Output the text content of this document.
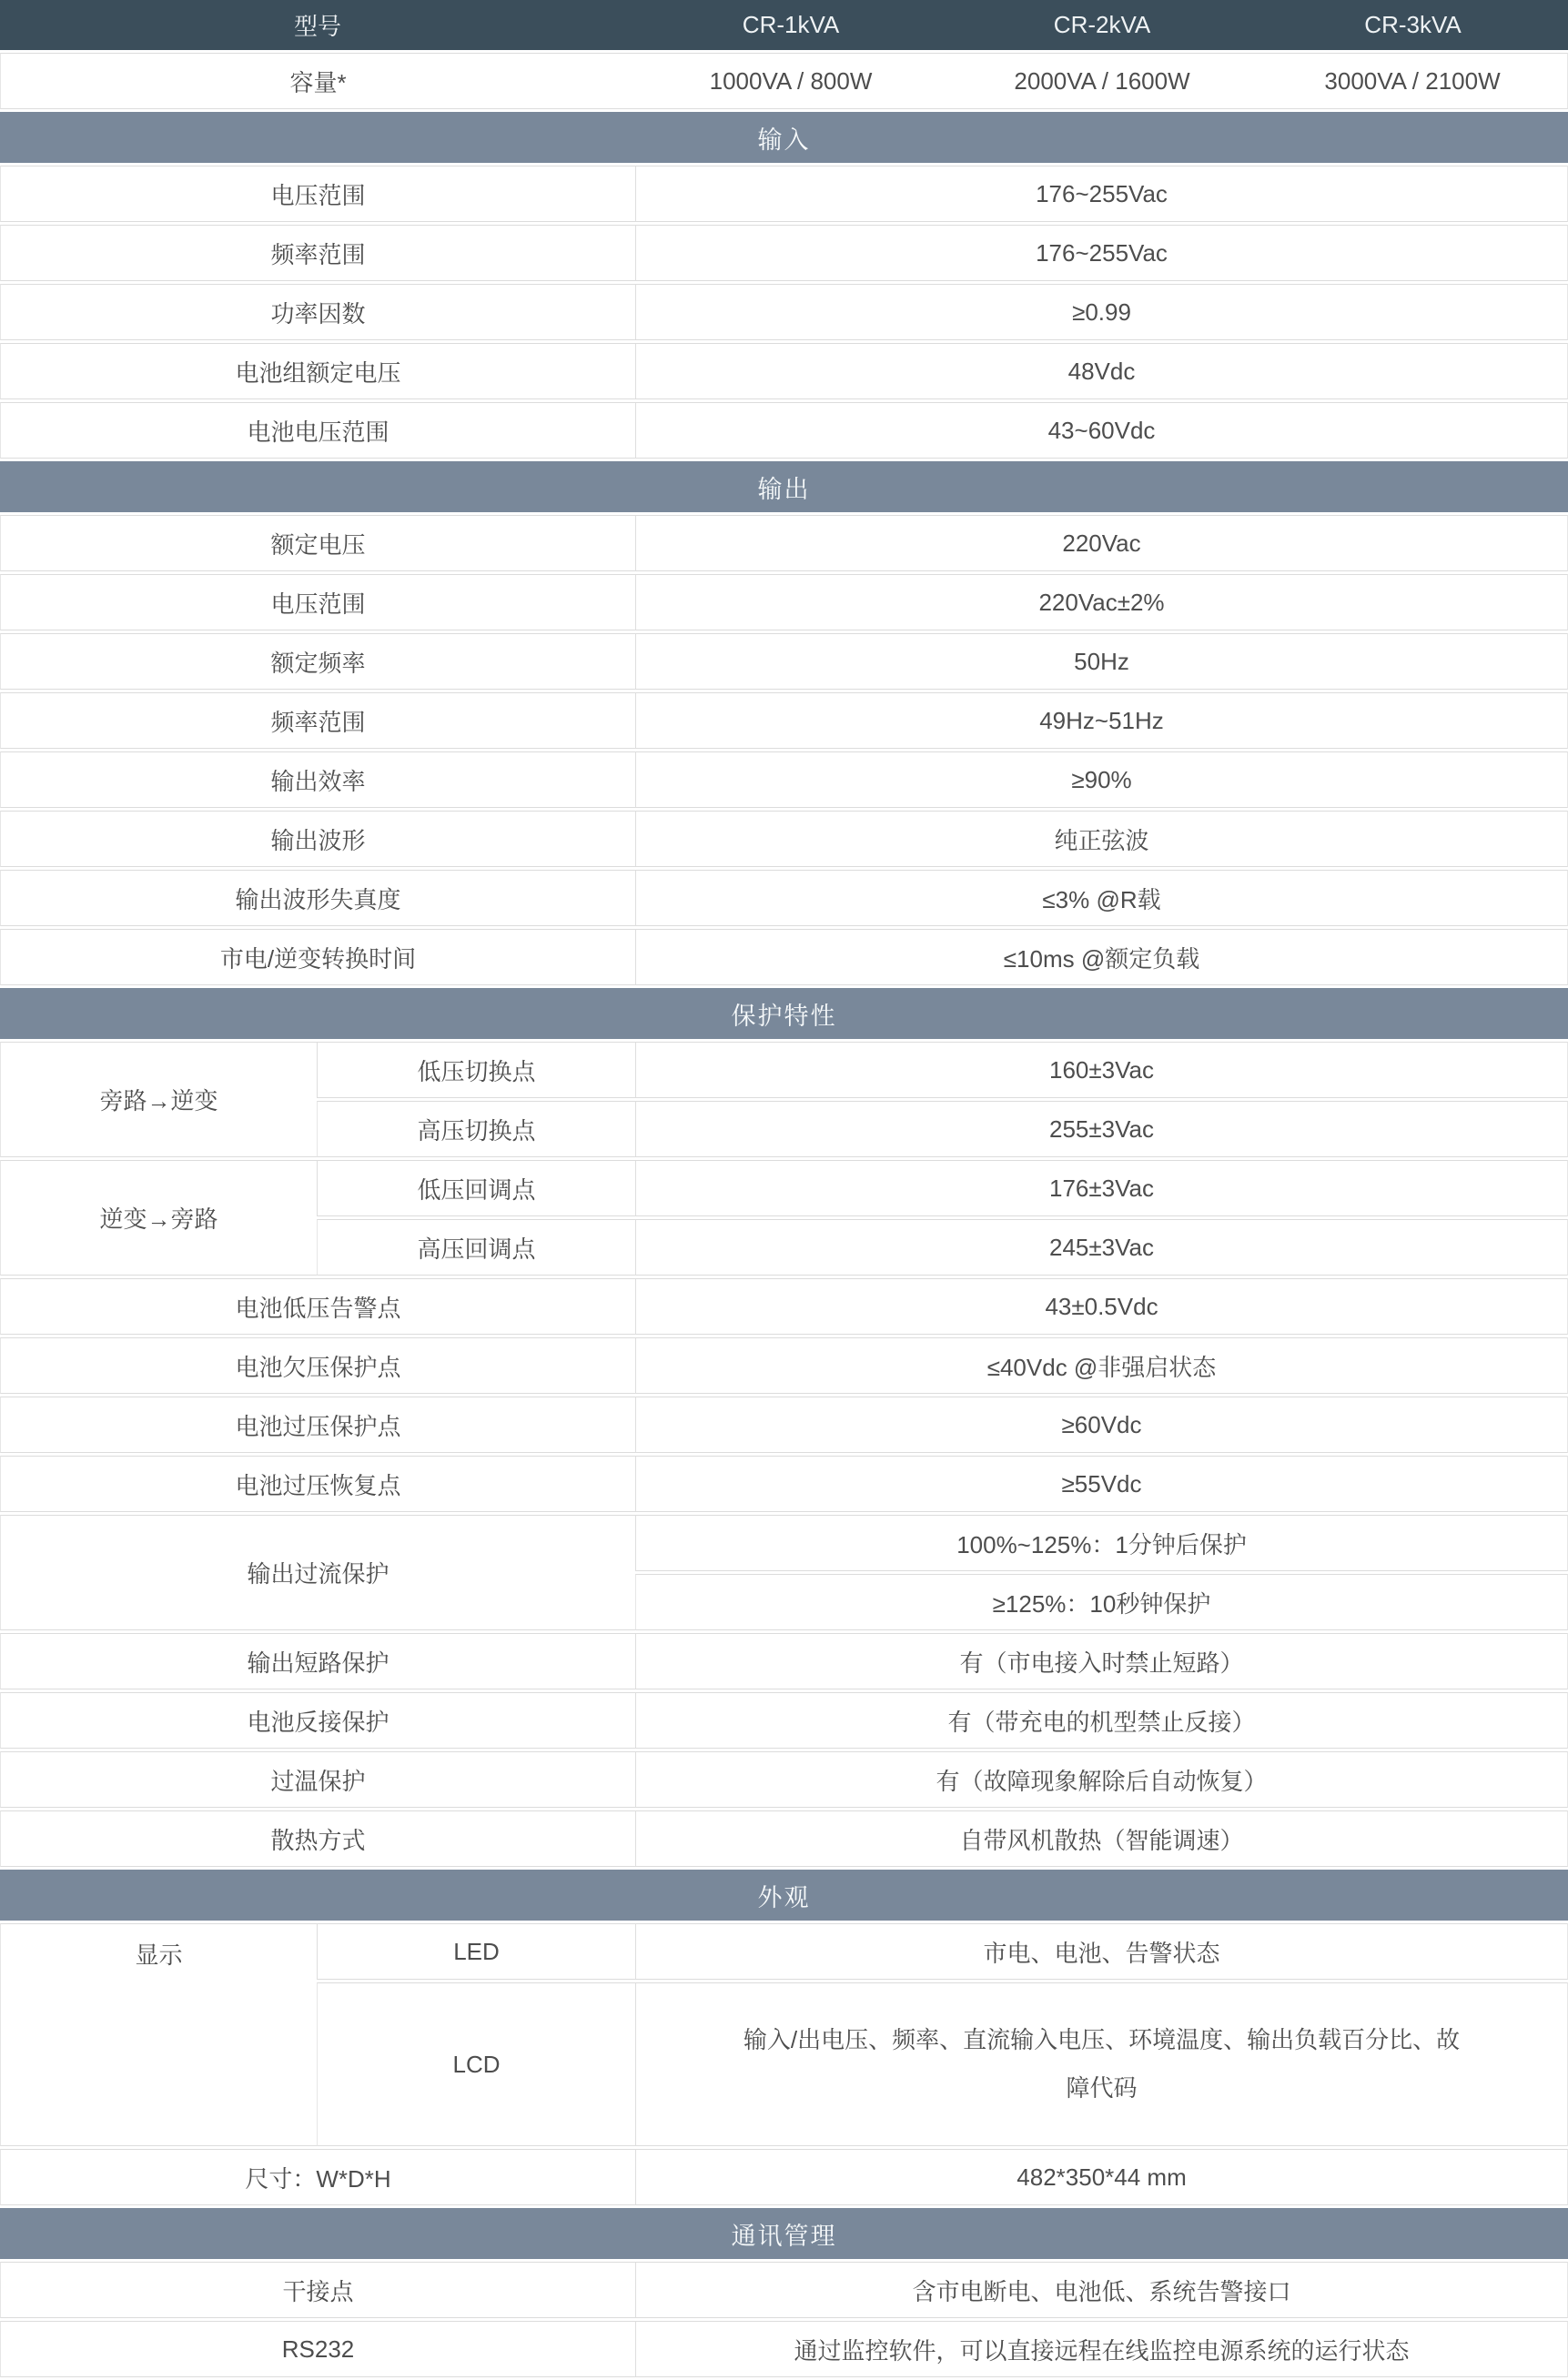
型号		CR-1kVA	CR-2kVA	CR-3kVA
容量*		1000VA / 800W	2000VA / 1600W	3000VA / 2100W
输入				
电压范围		176~255Vac		
频率范围		176~255Vac		
功率因数		≥0.99		
电池组额定电压		48Vdc		
电池电压范围		43~60Vdc		
输出				
额定电压		220Vac		
电压范围		220Vac±2%		
额定频率		50Hz		
频率范围		49Hz~51Hz		
输出效率		≥90%		
输出波形		纯正弦波		
输出波形失真度		≤3% @R载		
市电/逆变转换时间		≤10ms @额定负载		
保护特性				
旁路→逆变	低压切换点	160±3Vac		
	高压切换点	255±3Vac		
逆变→旁路	低压回调点	176±3Vac		
	高压回调点	245±3Vac		
电池低压告警点		43±0.5Vdc		
电池欠压保护点		≤40Vdc @非强启状态		
电池过压保护点		≥60Vdc		
电池过压恢复点		≥55Vdc		
输出过流保护		100%~125%：1分钟后保护		
		≥125%：10秒钟保护		
输出短路保护		有（市电接入时禁止短路）		
电池反接保护		有（带充电的机型禁止反接）		
过温保护		有（故障现象解除后自动恢复）		
散热方式		自带风机散热（智能调速）		
外观				
显示	LED	市电、电池、告警状态		
	LCD	输入/出电压、频率、直流输入电压、环境温度、输出负载百分比、故障代码		
尺寸：W*D*H		482*350*44 mm		
通讯管理				
干接点		含市电断电、电池低、系统告警接口		
RS232		通过监控软件，可以直接远程在线监控电源系统的运行状态		
